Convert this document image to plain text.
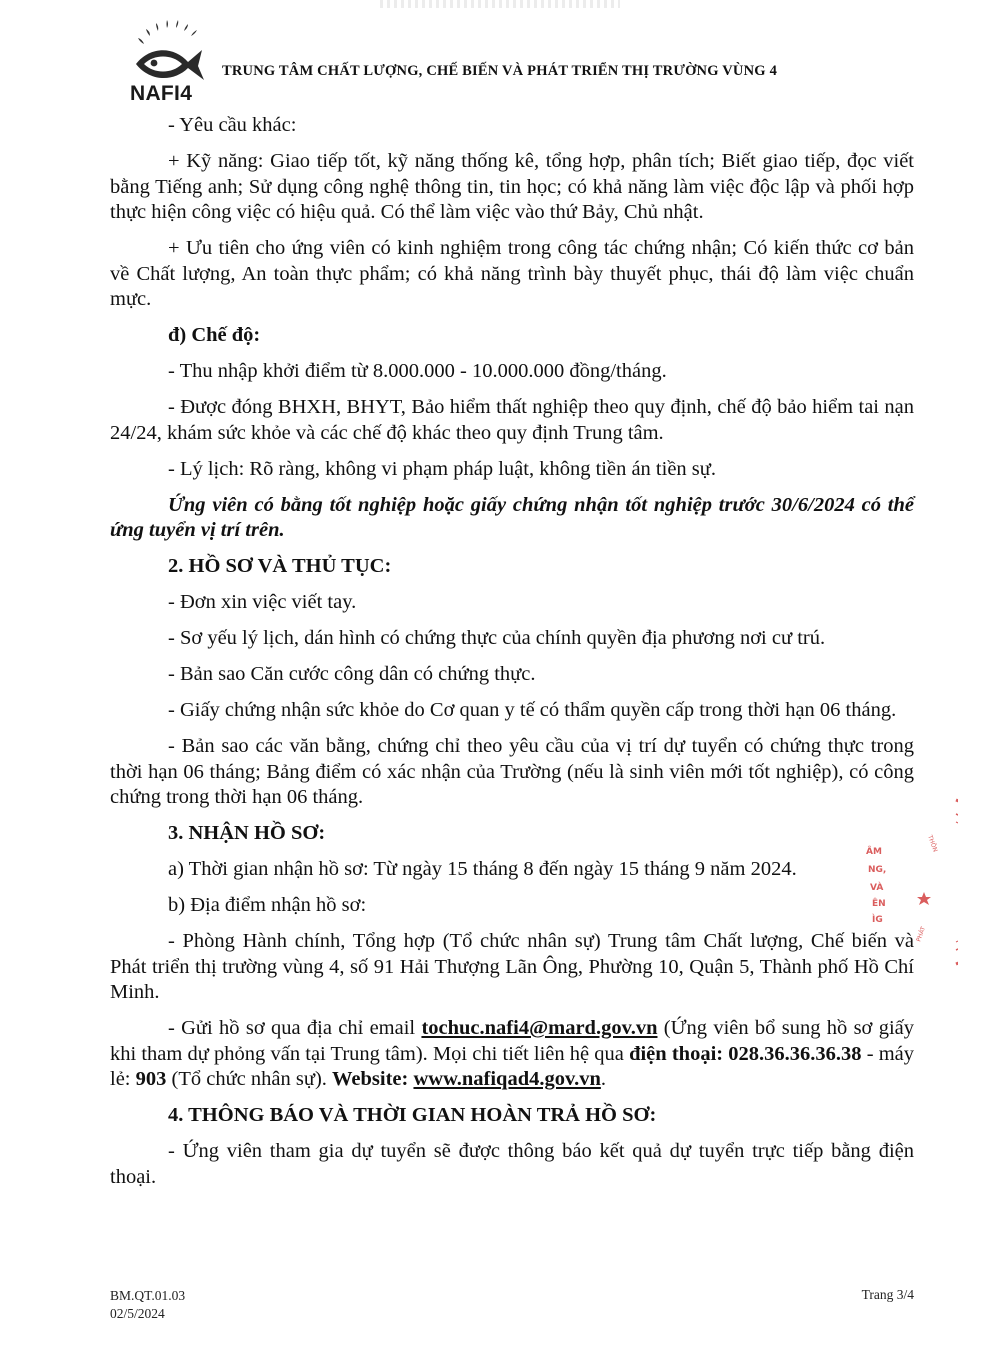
NAFI4
TRUNG TÂM CHẤT LƯỢNG, CHẾ BIẾN VÀ PHÁT TRIỂN THỊ TRƯỜNG VÙNG 4

- Yêu cầu khác:

+ Kỹ năng: Giao tiếp tốt, kỹ năng thống kê, tổng hợp, phân tích; Biết giao tiếp, đọc viết bằng Tiếng anh; Sử dụng công nghệ thông tin, tin học; có khả năng làm việc độc lập và phối hợp thực hiện công việc có hiệu quả. Có thể làm việc vào thứ Bảy, Chủ nhật.

+ Ưu tiên cho ứng viên có kinh nghiệm trong công tác chứng nhận; Có kiến thức cơ bản về Chất lượng, An toàn thực phẩm; có khả năng trình bày thuyết phục, thái độ làm việc chuẩn mực.

đ) Chế độ:

- Thu nhập khởi điểm từ 8.000.000 - 10.000.000 đồng/tháng.

- Được đóng BHXH, BHYT, Bảo hiểm thất nghiệp theo quy định, chế độ bảo hiểm tai nạn 24/24, khám sức khỏe và các chế độ khác theo quy định Trung tâm.

- Lý lịch: Rõ ràng, không vi phạm pháp luật, không tiền án tiền sự.

Ứng viên có bằng tốt nghiệp hoặc giấy chứng nhận tốt nghiệp trước 30/6/2024 có thể ứng tuyển vị trí trên.

2. HỒ SƠ VÀ THỦ TỤC:

- Đơn xin việc viết tay.

- Sơ yếu lý lịch, dán hình có chứng thực của chính quyền địa phương nơi cư trú.

- Bản sao Căn cước công dân có chứng thực.

- Giấy chứng nhận sức khỏe do Cơ quan y tế có thẩm quyền cấp trong thời hạn 06 tháng.

- Bản sao các văn bằng, chứng chỉ theo yêu cầu của vị trí dự tuyển có chứng thực trong thời hạn 06 tháng; Bảng điểm có xác nhận của Trường (nếu là sinh viên mới tốt nghiệp), có công chứng trong thời hạn 06 tháng.

3. NHẬN HỒ SƠ:

a) Thời gian nhận hồ sơ: Từ ngày 15 tháng 8 đến ngày 15 tháng 9 năm 2024.

b) Địa điểm nhận hồ sơ:

- Phòng Hành chính, Tổng hợp (Tổ chức nhân sự) Trung tâm Chất lượng, Chế biến và Phát triển thị trường vùng 4, số 91 Hải Thượng Lãn Ông, Phường 10, Quận 5, Thành phố Hồ Chí Minh.

- Gửi hồ sơ qua địa chỉ email tochuc.nafi4@mard.gov.vn (Ứng viên bổ sung hồ sơ giấy khi tham dự phỏng vấn tại Trung tâm). Mọi chi tiết liên hệ qua điện thoại: 028.36.36.36.38 - máy lẻ: 903 (Tổ chức nhân sự). Website: www.nafiqad4.gov.vn.

4. THÔNG BÁO VÀ THỜI GIAN HOÀN TRẢ HỒ SƠ:

- Ứng viên tham gia dự tuyển sẽ được thông báo kết quả dự tuyển trực tiếp bằng điện thoại.

ÂM
NG,
VÀ
ÊN
ÌG
THÔN
PHÁT
BM.QT.01.03
02/5/2024
Trang 3/4
